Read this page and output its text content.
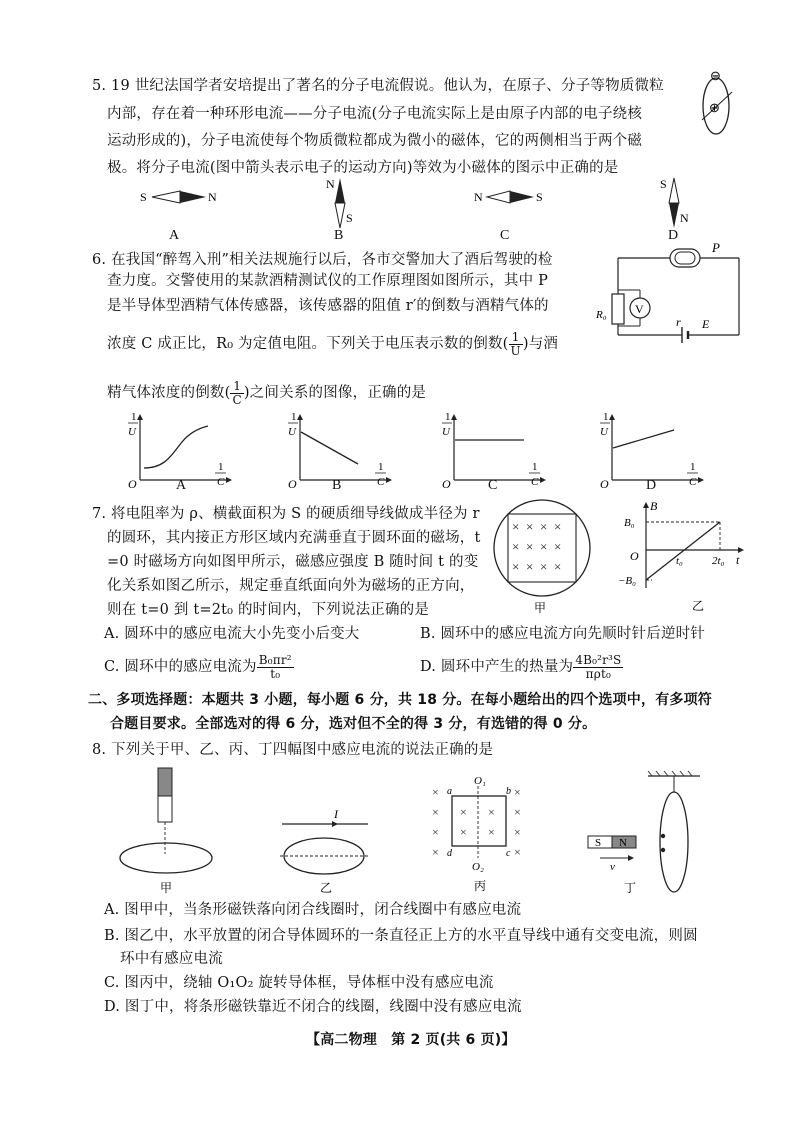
5. 19 世纪法国学者安培提出了著名的分子电流假说。他认为，在原子、分子等物质微粒
内部，存在着一种环形电流——分子电流(分子电流实际上是由原子内部的电子绕核
运动形成的)，分子电流使每个物质微粒都成为微小的磁体，它的两侧相当于两个磁
极。将分子电流(图中箭头表示电子的运动方向)等效为小磁体的图示中正确的是
⊖
⊕
S	N
A
N
S
B
N	S
C
S
N
D
6. 在我国“醉驾入刑”相关法规施行以后，各市交警加大了酒后驾驶的检
查力度。交警使用的某款酒精测试仪的工作原理图如图所示，其中 P
是半导体型酒精气体传感器，该传感器的阻值 r′的倒数与酒精气体的
浓度 C 成正比，R₀ 为定值电阻。下列关于电压表示数的倒数( $\frac{1}{U}$ )与酒
精气体浓度的倒数( $\frac{1}{C}$ )之间关系的图像，正确的是
P
R₀ V
r E
1
U
O
1
C
A
1
U
O
1
C
B
1
U
O
1
C
C
1
U
O
1
C
D
7. 将电阻率为 ρ、横截面积为 S 的硬质细导线做成半径为 r
的圆环，其内接正方形区域内充满垂直于圆环面的磁场，t
=0 时磁场方向如图甲所示，磁感应强度 B 随时间 t 的变
化关系如图乙所示，规定垂直纸面向外为磁场的正方向，
则在 t=0 到 t=2t₀ 的时间内，下列说法正确的是
× × × ×
× × × ×
× × × ×
甲
B
B₀
O
−B₀
t₀	2t₀ t
乙
A. 圆环中的感应电流大小先变小后变大	B. 圆环中的感应电流方向先顺时针后逆时针
C. 圆环中的感应电流为 $\frac{\text{B₀πr²}}{\text{t₀}}$	D. 圆环中产生的热量为 $\frac{\text{4B₀²r³S}}{\text{πρt₀}}$
二、多项选择题：本题共 3 小题，每小题 6 分，共 18 分。在每小题给出的四个选项中，有多项符
合题目要求。全部选对的得 6 分，选对但不全的得 3 分，有选错的得 0 分。
8. 下列关于甲、乙、丙、丁四幅图中感应电流的说法正确的是
甲
I
乙
O₁
O₂
a	b
d	c
×	×
× × × ×
× × × ×
×	×
丙
S N
v
丁
A. 图甲中，当条形磁铁落向闭合线圈时，闭合线圈中有感应电流
B. 图乙中，水平放置的闭合导体圆环的一条直径正上方的水平直导线中通有交变电流，则圆
环中有感应电流
C. 图丙中，绕轴 O₁O₂ 旋转导体框，导体框中没有感应电流
D. 图丁中，将条形磁铁靠近不闭合的线圈，线圈中没有感应电流
【高二物理　第 2 页(共 6 页)】
